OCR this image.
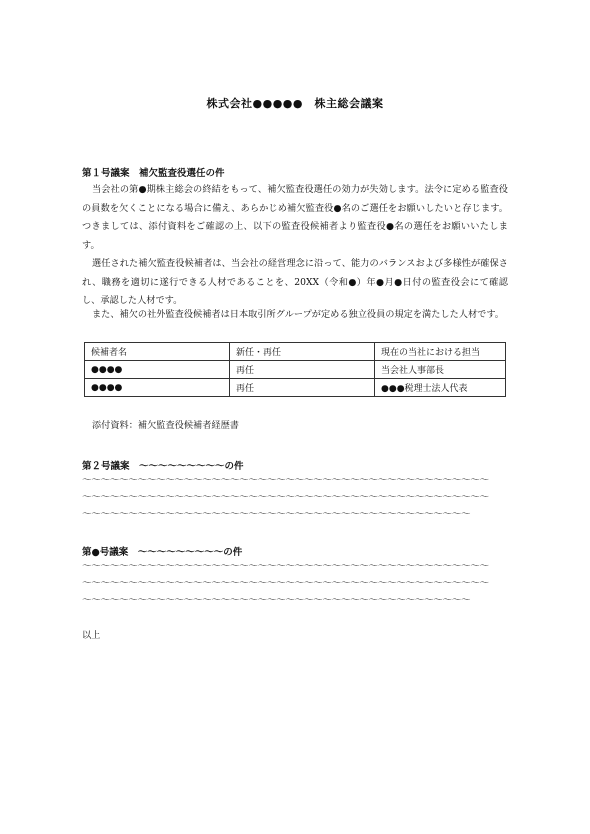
株式会社●●●●●　株主総会議案
第１号議案　補欠監査役選任の件

当会社の第●期株主総会の終結をもって、補欠監査役選任の効力が失効します。法令に定める監査役の員数を欠くことになる場合に備え、あらかじめ補欠監査役●名のご選任をお願いしたいと存じます。つきましては、添付資料をご確認の上、以下の監査役候補者より監査役●名の選任をお願いいたします。

選任された補欠監査役候補者は、当会社の経営理念に沿って、能力のバランスおよび多様性が確保され、職務を適切に遂行できる人材であることを、20XX（令和●）年●月●日付の監査役会にて確認し、承認した人材です。

また、補欠の社外監査役候補者は日本取引所グループが定める独立役員の規定を満たした人材です。

候補者名	新任・再任	現在の当社における担当
●●●●	再任	当会社人事部長
●●●●	再任	●●●税理士法人代表
添付資料：補欠監査役候補者経歴書
第２号議案　～～～～～～～～～の件
～～～～～～～～～～～～～～～～～～～～～～～～～～～～～～～～～～～～～～～～～～～～
～～～～～～～～～～～～～～～～～～～～～～～～～～～～～～～～～～～～～～～～～～～～
～～～～～～～～～～～～～～～～～～～～～～～～～～～～～～～～～～～～～～～～～～
第●号議案　～～～～～～～～～の件
～～～～～～～～～～～～～～～～～～～～～～～～～～～～～～～～～～～～～～～～～～～～
～～～～～～～～～～～～～～～～～～～～～～～～～～～～～～～～～～～～～～～～～～～～
～～～～～～～～～～～～～～～～～～～～～～～～～～～～～～～～～～～～～～～～～～
以上
